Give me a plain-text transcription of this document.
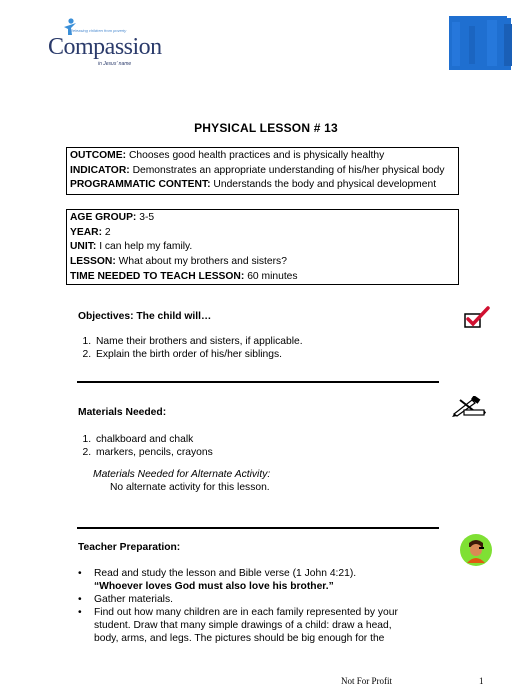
Releasing children from poverty
Compassion
in Jesus' name
PHYSICAL LESSON # 13
OUTCOME: Chooses good health practices and is physically healthy
INDICATOR: Demonstrates an appropriate understanding of his/her physical body
PROGRAMMATIC CONTENT: Understands the body and physical development
AGE GROUP: 3-5
YEAR: 2
UNIT: I can help my family.
LESSON: What about my brothers and sisters?
TIME NEEDED TO TEACH LESSON: 60 minutes
Objectives: The child will…
1. Name their brothers and sisters, if applicable.
2. Explain the birth order of his/her siblings.
Materials Needed:
1. chalkboard and chalk
2. markers, pencils, crayons
Materials Needed for Alternate Activity:
No alternate activity for this lesson.
Teacher Preparation:
• Read and study the lesson and Bible verse (1 John 4:21).
“Whoever loves God must also love his brother.”
• Gather materials.
• Find out how many children are in each family represented by your
student. Draw that many simple drawings of a child: draw a head,
body, arms, and legs. The pictures should be big enough for the
Not For Profit	1
